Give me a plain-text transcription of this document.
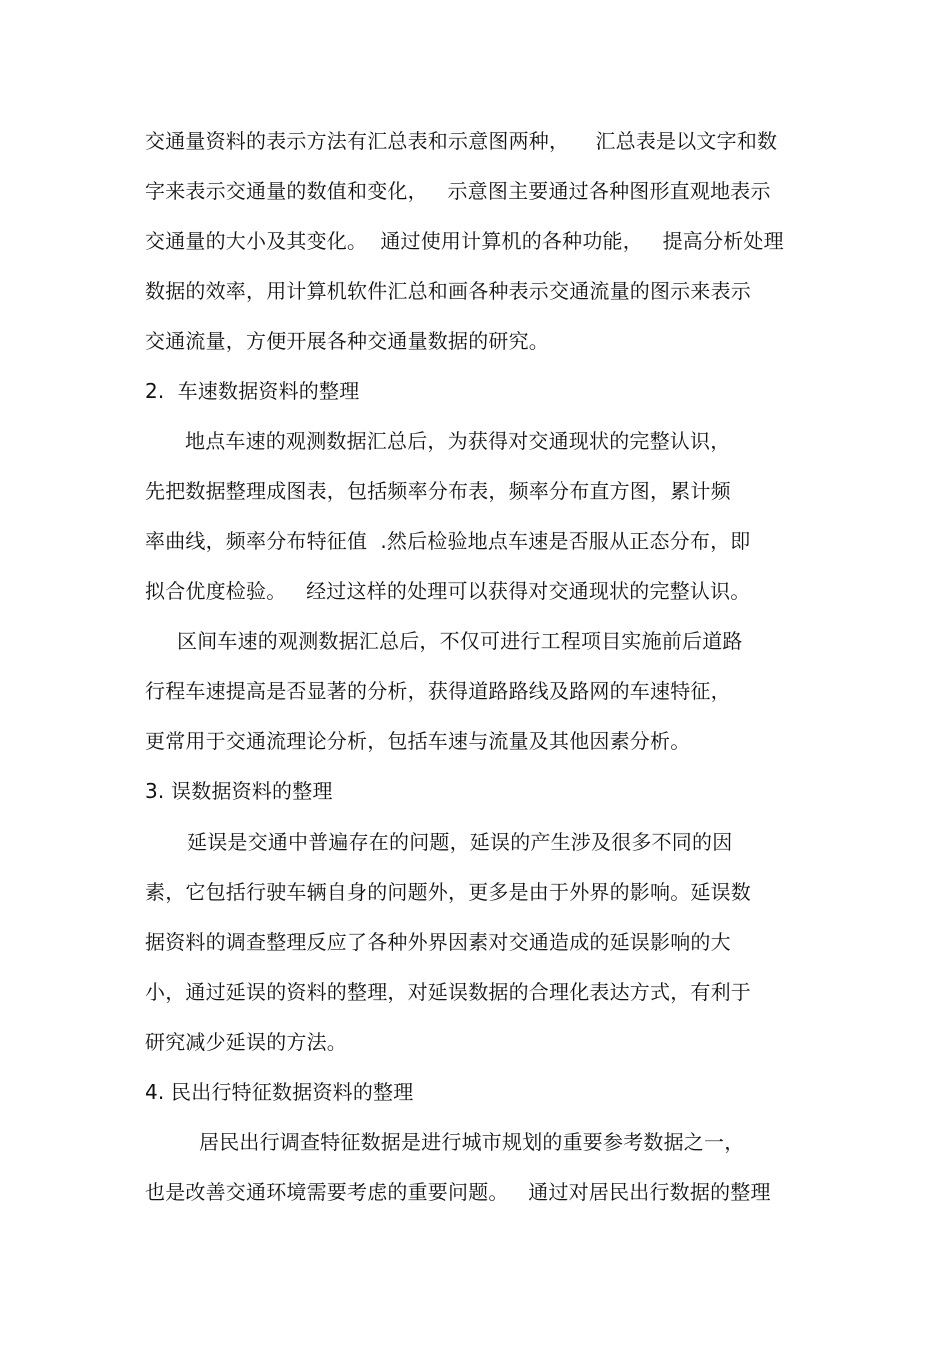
交通量资料的表示方法有汇总表和示意图两种，    汇总表是以文字和数
字来表示交通量的数值和变化，   示意图主要通过各种图形直观地表示
交通量的大小及其变化。  通过使用计算机的各种功能，   提高分析处理
数据的效率，用计算机软件汇总和画各种表示交通流量的图示来表示
交通流量，方便开展各种交通量数据的研究。
2.  车速数据资料的整理
地点车速的观测数据汇总后，为获得对交通现状的完整认识，
先把数据整理成图表，包括频率分布表，频率分布直方图，累计频
率曲线，频率分布特征值  .然后检验地点车速是否服从正态分布，即
拟合优度检验。   经过这样的处理可以获得对交通现状的完整认识。
区间车速的观测数据汇总后，不仅可进行工程项目实施前后道路
行程车速提高是否显著的分析，获得道路路线及路网的车速特征，
更常用于交通流理论分析，包括车速与流量及其他因素分析。
3. 误数据资料的整理
延误是交通中普遍存在的问题，延误的产生涉及很多不同的因
素，它包括行驶车辆自身的问题外，更多是由于外界的影响。延误数
据资料的调查整理反应了各种外界因素对交通造成的延误影响的大
小，通过延误的资料的整理，对延误数据的合理化表达方式，有利于
研究减少延误的方法。
4. 民出行特征数据资料的整理
居民出行调查特征数据是进行城市规划的重要参考数据之一，
也是改善交通环境需要考虑的重要问题。   通过对居民出行数据的整理
